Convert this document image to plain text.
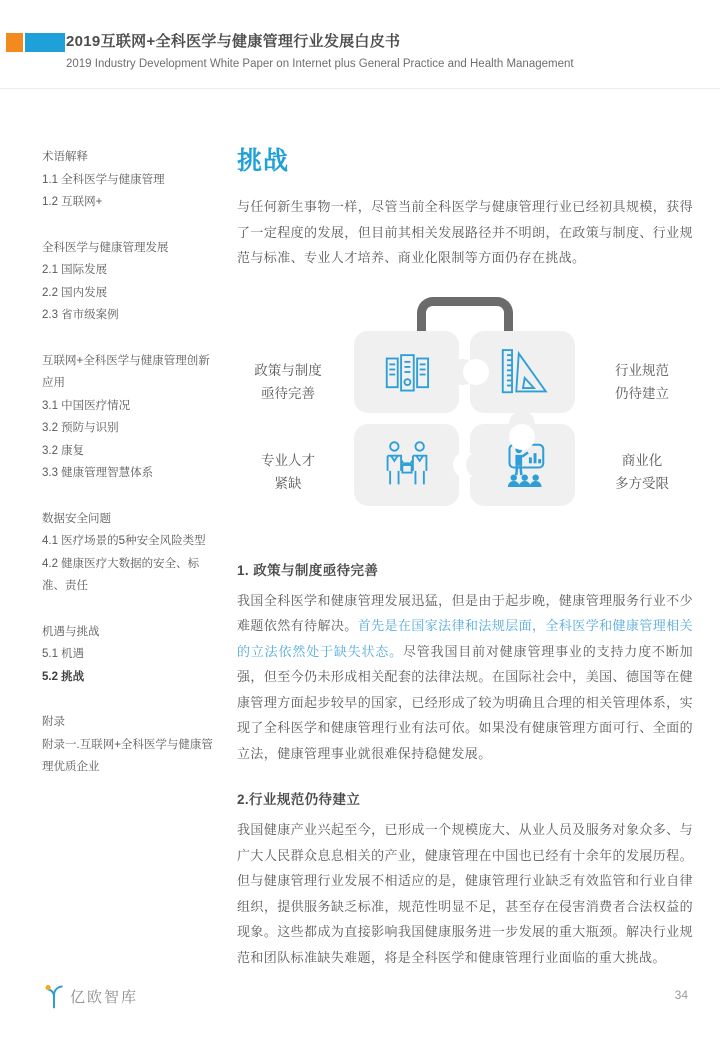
2019互联网+全科医学与健康管理行业发展白皮书
2019 Industry Development White Paper on Internet plus General Practice and Health Management
术语解释
1.1 全科医学与健康管理
1.2 互联网+
全科医学与健康管理发展
2.1 国际发展
2.2 国内发展
2.3 省市级案例
互联网+全科医学与健康管理创新应用
3.1 中国医疗情况
3.2 预防与识别
3.2 康复
3.3 健康管理智慧体系
数据安全问题
4.1 医疗场景的5种安全风险类型
4.2 健康医疗大数据的安全、标准、责任
机遇与挑战
5.1 机遇
5.2 挑战
附录
附录一.互联网+全科医学与健康管理优质企业
挑战

与任何新生事物一样，尽管当前全科医学与健康管理行业已经初具规模，获得了一定程度的发展，但目前其相关发展路径并不明朗，在政策与制度、行业规范与标准、专业人才培养、商业化限制等方面仍存在挑战。

政策与制度
亟待完善
专业人才
紧缺
行业规范
仍待建立
商业化
多方受限
1. 政策与制度亟待完善

我国全科医学和健康管理发展迅猛，但是由于起步晚，健康管理服务行业不少难题依然有待解决。首先是在国家法律和法规层面，全科医学和健康管理相关的立法依然处于缺失状态。尽管我国目前对健康管理事业的支持力度不断加强，但至今仍未形成相关配套的法律法规。在国际社会中，美国、德国等在健康管理方面起步较早的国家，已经形成了较为明确且合理的相关管理体系，实现了全科医学和健康管理行业有法可依。如果没有健康管理方面可行、全面的立法，健康管理事业就很难保持稳健发展。

2.行业规范仍待建立

我国健康产业兴起至今，已形成一个规模庞大、从业人员及服务对象众多、与广大人民群众息息相关的产业，健康管理在中国也已经有十余年的发展历程。但与健康管理行业发展不相适应的是，健康管理行业缺乏有效监管和行业自律组织，提供服务缺乏标准，规范性明显不足，甚至存在侵害消费者合法权益的现象。这些都成为直接影响我国健康服务进一步发展的重大瓶颈。解决行业规范和团队标准缺失难题，将是全科医学和健康管理行业面临的重大挑战。

亿欧智库	34
